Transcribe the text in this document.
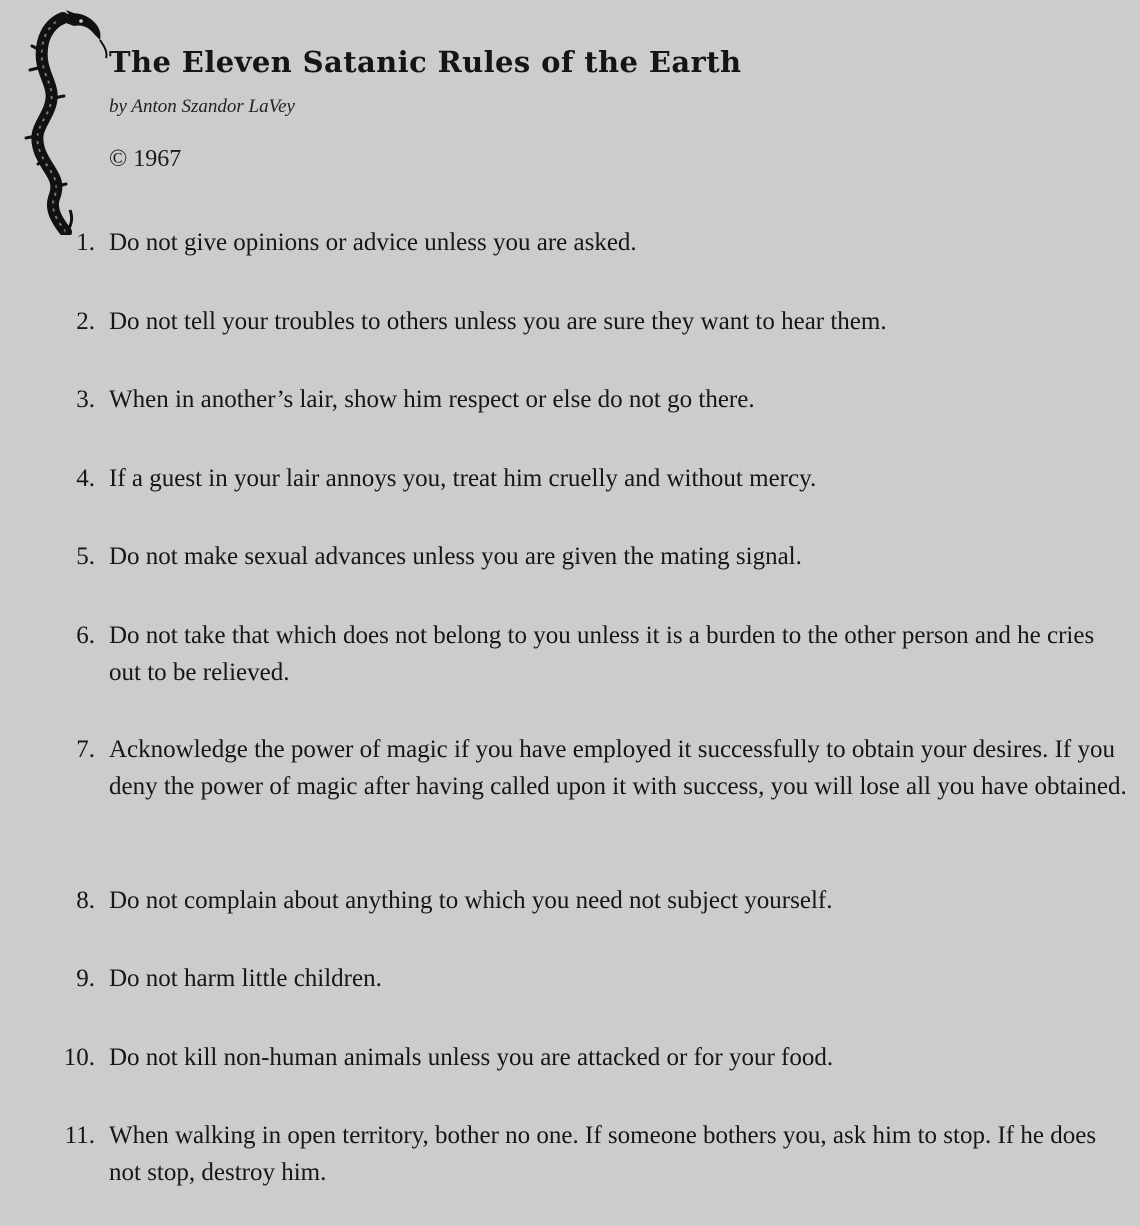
The Eleven Satanic Rules of the Earth

by Anton Szandor LaVey

© 1967

1. Do not give opinions or advice unless you are asked.
2. Do not tell your troubles to others unless you are sure they want to hear them.
3. When in another’s lair, show him respect or else do not go there.
4. If a guest in your lair annoys you, treat him cruelly and without mercy.
5. Do not make sexual advances unless you are given the mating signal.
6. Do not take that which does not belong to you unless it is a burden to the other person and he cries out to be relieved.
7. Acknowledge the power of magic if you have employed it successfully to obtain your desires. If you deny the power of magic after having called upon it with success, you will lose all you have obtained.
8. Do not complain about anything to which you need not subject yourself.
9. Do not harm little children.
10. Do not kill non-human animals unless you are attacked or for your food.
11. When walking in open territory, bother no one. If someone bothers you, ask him to stop. If he does not stop, destroy him.
